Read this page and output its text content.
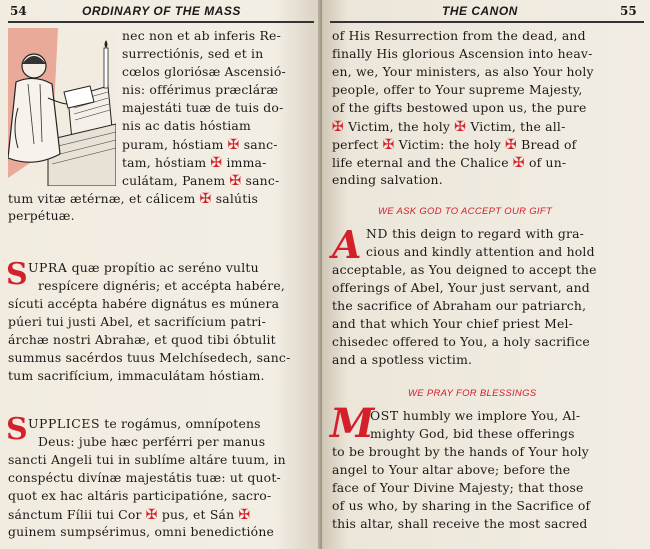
54	ORDINARY OF THE MASS
nec non et ab inferis Re-
surrectiónis, sed et in
cœlos gloriósæ Ascensió-
nis: offérimus præcláræ
majestáti tuæ de tuis do-
nis ac datis hóstiam
puram, hóstiam ✠ sanc-
tam, hóstiam ✠ imma-
culátam, Panem ✠ sanc-
tum vitæ ætérnæ, et cálicem ✠ salútis
perpétuæ.
S UPRA quæ propítio ac seréno vultu
respícere dignéris; et accépta habére,
sícuti accépta habére dignátus es múnera
púeri tui justi Abel, et sacrifícium patri-
árchæ nostri Abrahæ, et quod tibi óbtulit
summus sacérdos tuus Melchísedech, sanc-
tum sacrifícium, immaculátam hóstiam.
S UPPLICES te rogámus, omnípotens
Deus: jube hæc perférri per manus
sancti Angeli tui in sublíme altáre tuum, in
conspéctu divínæ majestátis tuæ: ut quot-
quot ex hac altáris participatióne, sacro-
sánctum Fílii tui Cor ✠ pus, et Sán ✠
guinem sumpsérimus, omni benedictióne
THE CANON	55
of His Resurrection from the dead, and
finally His glorious Ascension into heav-
en, we, Your ministers, as also Your holy
people, offer to Your supreme Majesty,
of the gifts bestowed upon us, the pure
✠ Victim, the holy ✠ Victim, the all-
perfect ✠ Victim: the holy ✠ Bread of
life eternal and the Chalice ✠ of un-
ending salvation.
WE ASK GOD TO ACCEPT OUR GIFT
A ND this deign to regard with gra-
cious and kindly attention and hold
acceptable, as You deigned to accept the
offerings of Abel, Your just servant, and
the sacrifice of Abraham our patriarch,
and that which Your chief priest Mel-
chisedec offered to You, a holy sacrifice
and a spotless victim.
WE PRAY FOR BLESSINGS
M
OST humbly we implore You, Al-
mighty God, bid these offerings
to be brought by the hands of Your holy
angel to Your altar above; before the
face of Your Divine Majesty; that those
of us who, by sharing in the Sacrifice of
this altar, shall receive the most sacred
